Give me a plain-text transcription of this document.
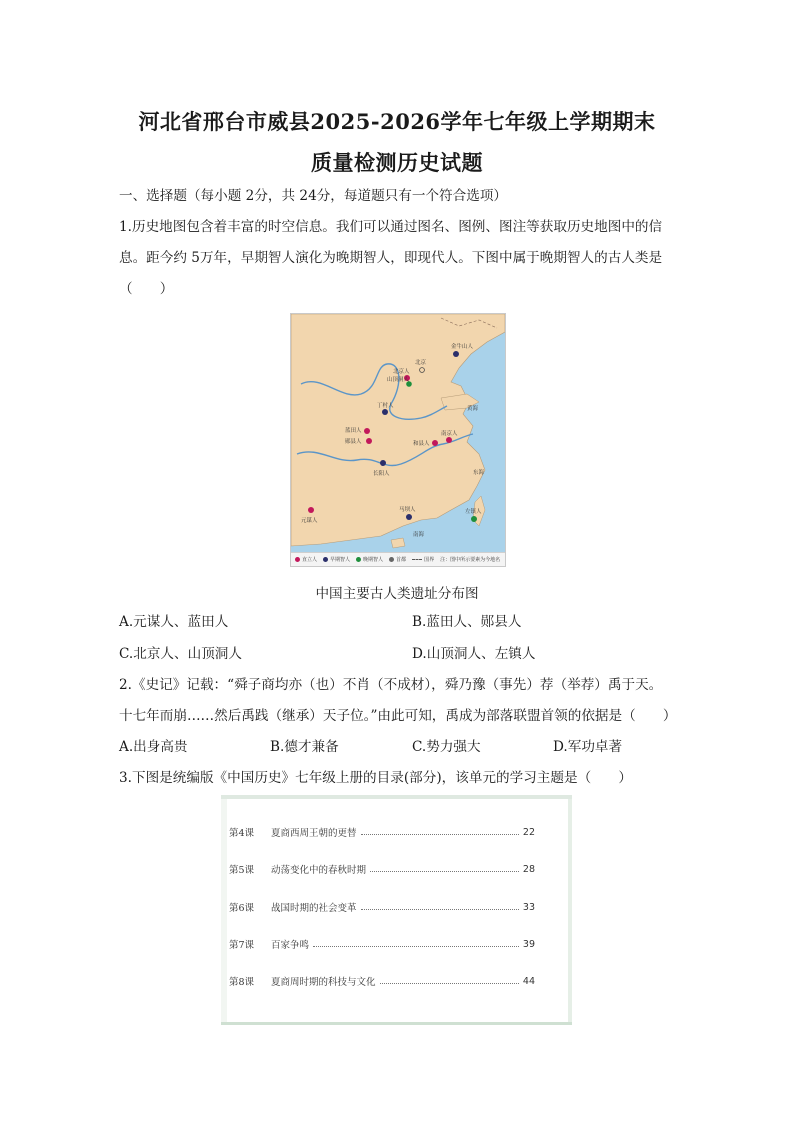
河北省邢台市威县2025-2026学年七年级上学期期末
质量检测历史试题
一、选择题（每小题 2分，共 24分，每道题只有一个符合选项）
1.历史地图包含着丰富的时空信息。我们可以通过图名、图例、图注等获取历史地图中的信
息。距今约 5万年，早期智人演化为晚期智人，即现代人。下图中属于晚期智人的古人类是
（　　）
黄海
东海
南海
北京
北京人
山顶洞人
金牛山人
丁村人
蓝田人
郧县人	和县人
南京人
长阳人
马坝人
元谋人
左镇人
直立人	早期智人	晚期智人	首都	国界 注：图中所示要素为今地名
中国主要古人类遗址分布图
A.元谋人、蓝田人	B.蓝田人、郧县人
C.北京人、山顶洞人	D.山顶洞人、左镇人
2.《史记》记载：“舜子商均亦（也）不肖（不成材），舜乃豫（事先）荐（举荐）禹于天。
十七年而崩……然后禹践（继承）天子位。”由此可知，禹成为部落联盟首领的依据是（　　）
A.出身高贵	B.德才兼备	C.势力强大	D.军功卓著
3.下图是统编版《中国历史》七年级上册的目录(部分)，该单元的学习主题是（　　）
第4课	夏商西周王朝的更替	22
第5课	动荡变化中的春秋时期	28
第6课	战国时期的社会变革	33
第7课	百家争鸣	39
第8课	夏商周时期的科技与文化	44
